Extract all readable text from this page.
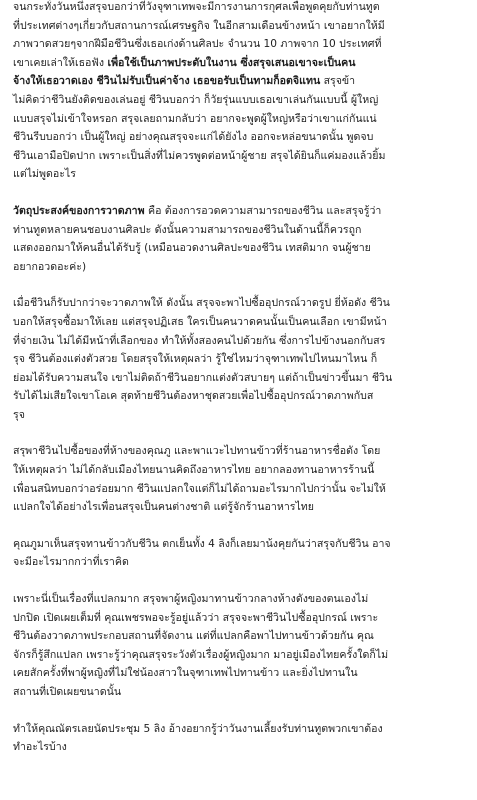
จนกระทั่งวันหนึ่งสรุจบอกว่าที่วังจุฑาเทพจะมีการงานการกุศลเพื่อพูดคุยกับท่านทูต
ที่ประเทศต่างๆเกี่ยวกับสถานการณ์เศรษฐกิจ ในอีกสามเดือนข้างหน้า เขาอยากให้มี
ภาพวาดสวยๆจากฝีมือชีวินซึ่งเธอเก่งด้านศิลปะ จำนวน 10 ภาพจาก 10 ประเทศที่
เขาเคยเล่าให้เธอฟัง เพื่อใช้เป็นภาพประดับในงาน ซึ่งสรุจเสนอเขาจะเป็นคน
จ้างให้เธอวาดเอง ชีวินไม่รับเป็นค่าจ้าง เธอขอรับเป็นทามก็อตจิแทน สรุจข้า
ไม่คิดว่าชีวินยังติดของเล่นอยู่ ชีวินบอกว่า ก็วัยรุ่นแบบเธอเขาเล่นกันแบบนี้ ผู้ใหญ่
แบบสรุจไม่เข้าใจหรอก สรุจเลยถามกลับว่า อยากจะพูดผู้ใหญ่หรือว่าเขาแก่กันแน่
ชีวินรีบบอกว่า เป็นผู้ใหญ่ อย่างคุณสรุจจะแก่ได้ยังไง ออกจะหล่อขนาดนั้น พูดจบ
ชีวินเอามือปิดปาก เพราะเป็นสิ่งที่ไม่ควรพูดต่อหน้าผู้ชาย สรุจได้ยินก็แค่มองแล้วยิ้ม
แต่ไม่พูดอะไร

วัตถุประสงค์ของการวาดภาพ คือ ต้องการอวดความสามารถของชีวิน และสรุจรู้ว่า
ท่านทูตหลายคนชอบงานศิลปะ ดังนั้นความสามารถของชีวินในด้านนี้ก็ควรถูก
แสดงออกมาให้คนอื่นได้รับรู้ (เหมือนอวดงานศิลปะของชีวิน เทสติมาก จนผู้ชาย
อยากอวดอะค่ะ)

เมื่อชีวินก็รับปากว่าจะวาดภาพให้ ดังนั้น สรุจจะพาไปซื้ออุปกรณ์วาดรูป ยี่ห้อดัง ชีวิน
บอกให้สรุจซื้อมาให้เลย แต่สรุจปฏิเสธ ใครเป็นคนวาดคนนั้นเป็นคนเลือก เขามีหน้า
ที่จ่ายเงิน ไม่ได้มีหน้าที่เลือกของ ทำให้ทั้งสองคนไปด้วยกัน ซึ่งการไปข้างนอกกับสร
รุจ ชีวินต้องแต่งตัวสวย โดยสรุจให้เหตุผลว่า รู้ใช่ไหมว่าจุฑาเทพไปไหนมาไหน ก็
ย่อมได้รับความสนใจ เขาไม่ติดถ้าชีวินอยากแต่งตัวสบายๆ แต่ถ้าเป็นข่าวขึ้นมา ชีวิน
รับได้ไม่เสียใจเขาโอเค สุดท้ายชีวินต้องหาชุดสวยเพื่อไปซื้ออุปกรณ์วาดภาพกับส
รุจ

สรุพาชีวินไปซื้อของที่ห้างของคุณภู และพาแวะไปทานข้าวที่ร้านอาหารชื่อดัง โดย
ให้เหตุผลว่า ไม่ได้กลับเมืองไทยนานคิดถึงอาหารไทย อยากลองทานอาหารร้านนี้
เพื่อนสนิทบอกว่าอร่อยมาก ชีวินแปลกใจแต่ก็ไม่ได้ถามอะไรมากไปกว่านั้น จะไม่ให้
แปลกใจได้อย่างไรเพื่อนสรุจเป็นคนต่างชาติ แต่รู้จักร้านอาหารไทย

คุณภูมาเห็นสรุจทานข้าวกับชีวิน ตกเย็นทั้ง 4 ลิงก็เลยมาน้งคุยกันว่าสรุจกับชีวิน อาจ
จะมีอะไรมากกว่าที่เราคิด

เพราะนี่เป็นเรื่องที่แปลกมาก สรุจพาผู้หญิงมาทานข้าวกลางห้างดังของตนเองไม่
ปกปิด เปิดเผยเต็มที่ คุณเพชรพอจะรู้อยู่แล้วว่า สรุจจะพาชีวินไปซื้ออุปกรณ์ เพราะ
ชีวินต้องวาดภาพประกอบสถานที่จัดงาน แต่ที่แปลกคือพาไปทานข้าวด้วยกัน คุณ
จักรก็รู้สึกแปลก เพราะรู้ว่าคุณสรุจระวังตัวเรื่องผู้หญิงมาก มาอยู่เมืองไทยครั้งใดก็ไม่
เคยสักครั้งที่พาผู้หญิงที่ไม่ใช่น้องสาวในจุฑาเทพไปทานข้าว และยิ่งไปทานใน
สถานที่เปิดเผยขนาดนั้น

ทำให้คุณณัตรเลยนัดประชุม 5 ลิง อ้างอยากรู้ว่าวันงานเลี้ยงรับท่านทูตพวกเขาต้อง
ทำอะไรบ้าง
